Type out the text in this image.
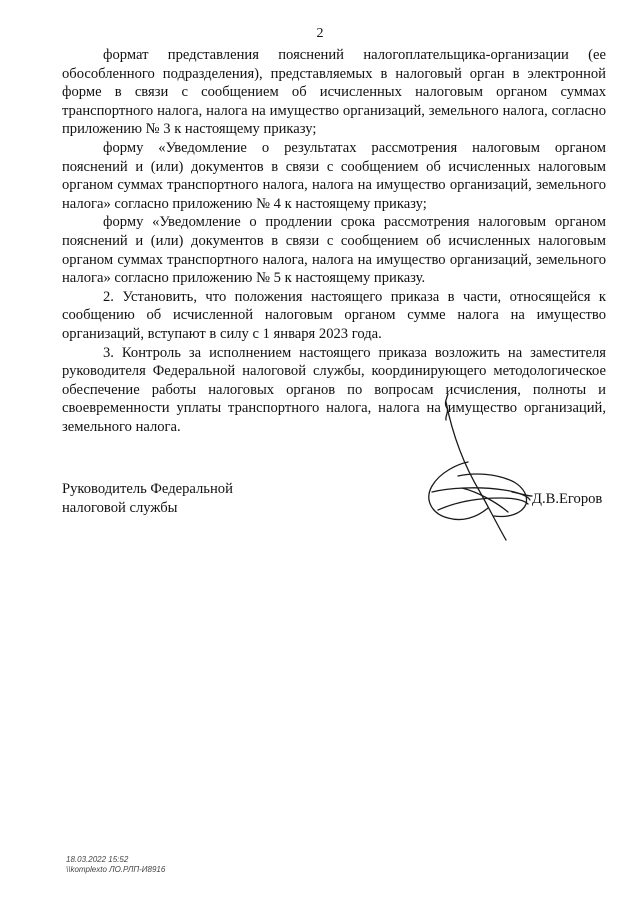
2

формат представления пояснений налогоплательщика-организации (ее обособленного подразделения), представляемых в налоговый орган в электронной форме в связи с сообщением об исчисленных налоговым органом суммах транспортного налога, налога на имущество организаций, земельного налога, согласно приложению № 3 к настоящему приказу;

форму «Уведомление о результатах рассмотрения налоговым органом пояснений и (или) документов в связи с сообщением об исчисленных налоговым органом суммах транспортного налога, налога на имущество организаций, земельного налога» согласно приложению № 4 к настоящему приказу;

форму «Уведомление о продлении срока рассмотрения налоговым органом пояснений и (или) документов в связи с сообщением об исчисленных налоговым органом суммах транспортного налога, налога на имущество организаций, земельного налога» согласно приложению № 5 к настоящему приказу.

2. Установить, что положения настоящего приказа в части, относящейся к сообщению об исчисленной налоговым органом сумме налога на имущество организаций, вступают в силу с 1 января 2023 года.

3. Контроль за исполнением настоящего приказа возложить на заместителя руководителя Федеральной налоговой службы, координирующего методологическое обеспечение работы налоговых органов по вопросам исчисления, полноты и своевременности уплаты транспортного налога, налога на имущество организаций, земельного налога.

Руководитель Федеральной
налоговой службы
Д.В.Егоров
18.03.2022 15:52
\\komplexto ЛО.РЛП-И8916
